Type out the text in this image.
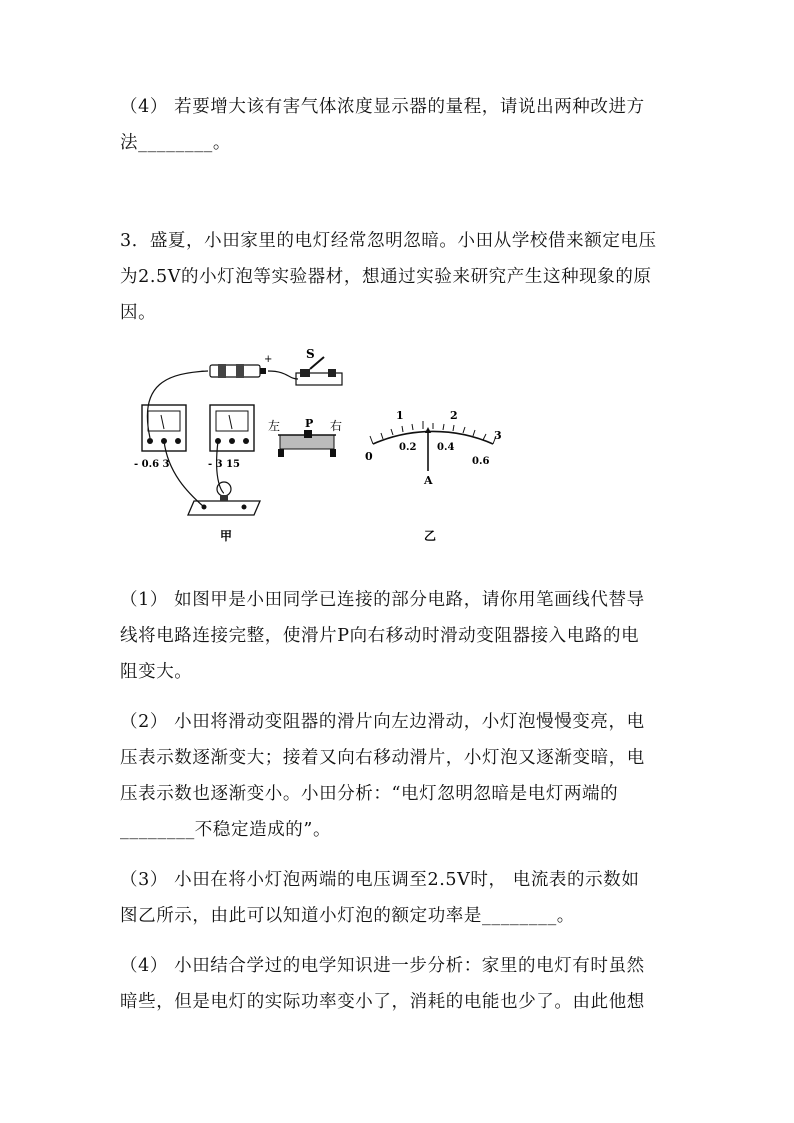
（4） 若要增大该有害气体浓度显示器的量程，请说出两种改进方
法________。
3．盛夏，小田家里的电灯经常忽明忽暗。小田从学校借来额定电压
为2.5V的小灯泡等实验器材，想通过实验来研究产生这种现象的原
因。
+
-
S
- 0.6 3	- 3 15
左 P 右
甲
1	2
3
0
0.2 0.4
0.6
A
乙
（1） 如图甲是小田同学已连接的部分电路，请你用笔画线代替导
线将电路连接完整，使滑片P向右移动时滑动变阻器接入电路的电
阻变大。
（2） 小田将滑动变阻器的滑片向左边滑动，小灯泡慢慢变亮，电
压表示数逐渐变大；接着又向右移动滑片，小灯泡又逐渐变暗，电
压表示数也逐渐变小。小田分析：“电灯忽明忽暗是电灯两端的
________不稳定造成的”。
（3） 小田在将小灯泡两端的电压调至2.5V时， 电流表的示数如
图乙所示，由此可以知道小灯泡的额定功率是________。
（4） 小田结合学过的电学知识进一步分析：家里的电灯有时虽然
暗些，但是电灯的实际功率变小了，消耗的电能也少了。由此他想
